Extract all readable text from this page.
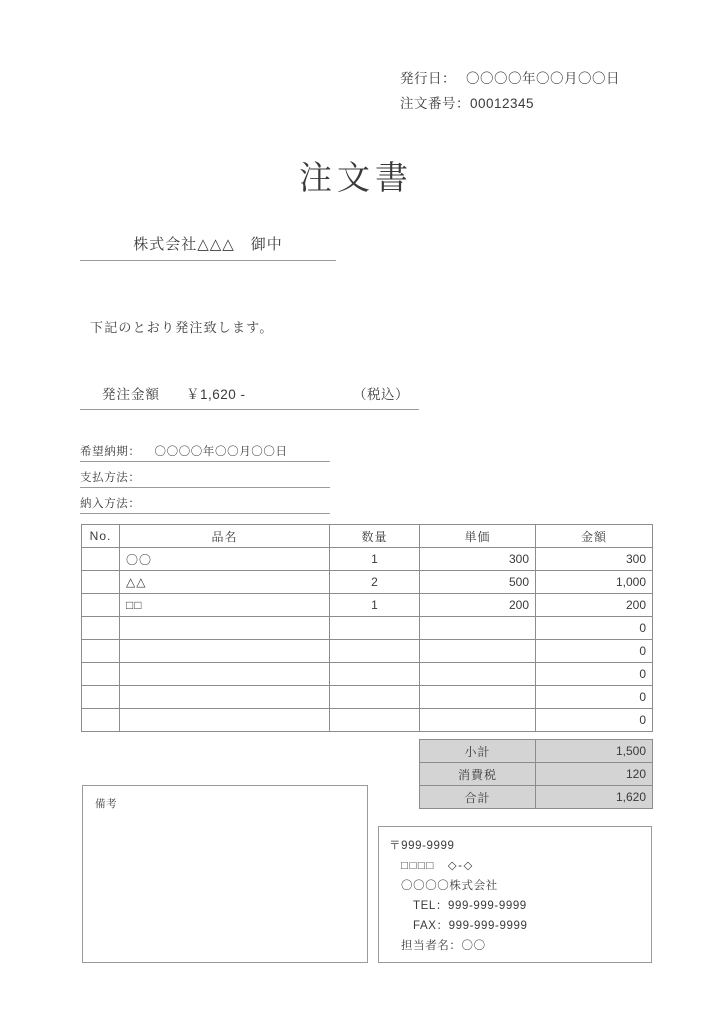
発行日： 〇〇〇〇年〇〇月〇〇日
注文番号： 00012345
注文書
株式会社△△△　御中
下記のとおり発注致します。
発注金額 ￥1,620 -	（税込）
希望納期： 〇〇〇〇年〇〇月〇〇日
支払方法：
納入方法：
No.	品名	数量	単価	金額
	〇〇	1	300	300
	△△	2	500	1,000
	□□	1	200	200
				0
				0
				0
				0
				0
小計	1,500
消費税	120
合計	1,620
備考
〒999-9999
□□□□　◇-◇
〇〇〇〇株式会社
TEL：999-999-9999
FAX：999-999-9999
担当者名：〇〇
